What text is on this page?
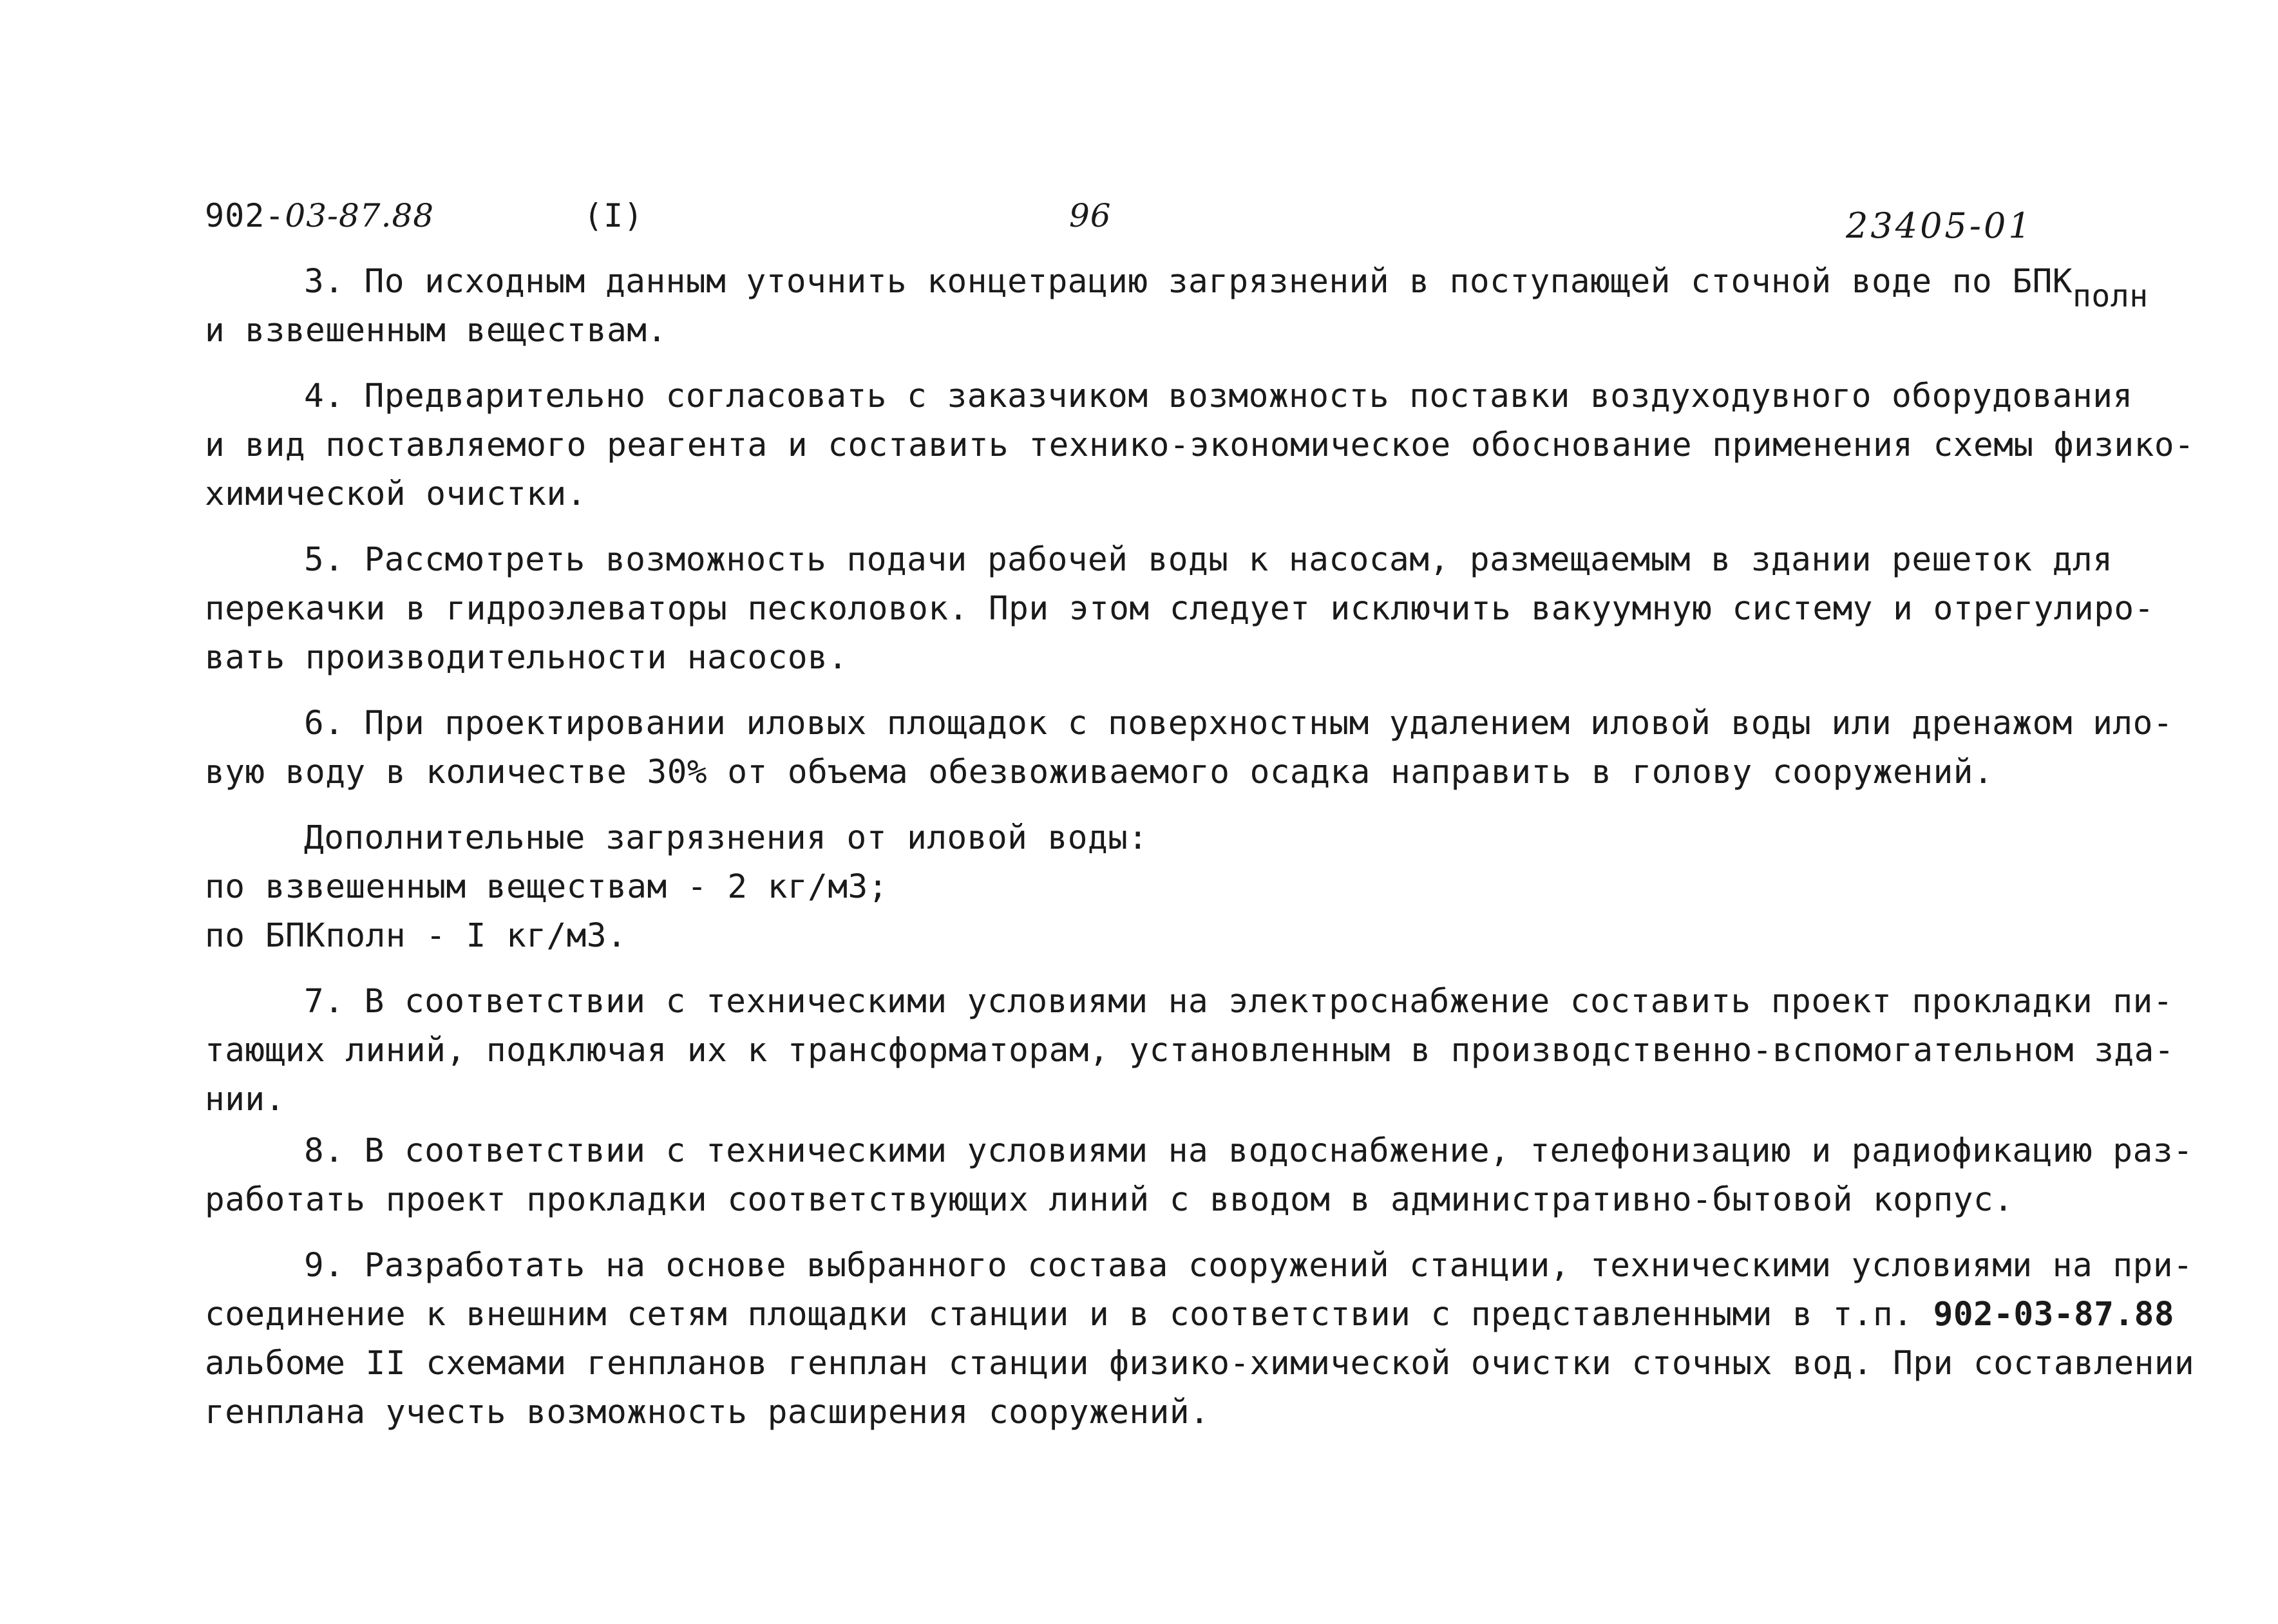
902-03-87.88	(I)	96	23405-01
3. По исходным данным уточнить концетрацию загрязнений в поступающей сточной воде по БПКполн
и взвешенным веществам.
4. Предварительно согласовать с заказчиком возможность поставки воздуходувного оборудования
и вид поставляемого реагента и составить технико-экономическое обоснование применения схемы физико-
химической очистки.
5. Рассмотреть возможность подачи рабочей воды к насосам, размещаемым в здании решеток для
перекачки в гидроэлеваторы песколовок. При этом следует исключить вакуумную систему и отрегулиро-
вать производительности насосов.
6. При проектировании иловых площадок с поверхностным удалением иловой воды или дренажом ило-
вую воду в количестве 30% от объема обезвоживаемого осадка направить в голову сооружений.
Дополнительные загрязнения от иловой воды:
по взвешенным веществам - 2 кг/м3;
по БПКполн - I кг/м3.
7. В соответствии с техническими условиями на электроснабжение составить проект прокладки пи-
тающих линий, подключая их к трансформаторам, установленным в производственно-вспомогательном зда-
нии.
8. В соответствии с техническими условиями на водоснабжение, телефонизацию и радиофикацию раз-
работать проект прокладки соответствующих линий с вводом в административно-бытовой корпус.
9. Разработать на основе выбранного состава сооружений станции, техническими условиями на при-
соединение к внешним сетям площадки станции и в соответствии с представленными в т.п. 902-03-87.88
альбоме II схемами генпланов генплан станции физико-химической очистки сточных вод. При составлении
генплана учесть возможность расширения сооружений.
